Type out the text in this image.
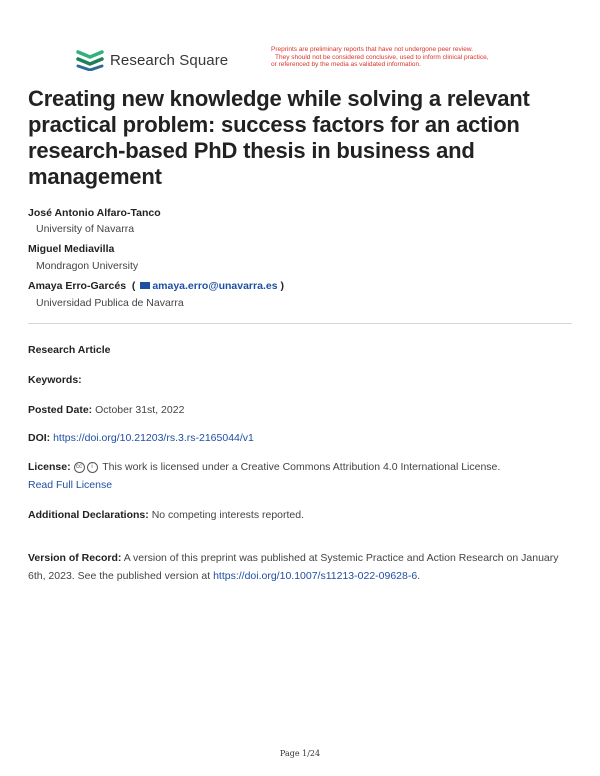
Research Square
Preprints are preliminary reports that have not undergone peer review.
They should not be considered conclusive, used to inform clinical practice,
or referenced by the media as validated information.
Creating new knowledge while solving a relevant practical problem: success factors for an action research-based PhD thesis in business and management
José Antonio Alfaro-Tanco
University of Navarra
Miguel Mediavilla
Mondragon University
Amaya Erro-Garcés  ( amaya.erro@unavarra.es )
Universidad Publica de Navarra
Research Article
Keywords:
Posted Date: October 31st, 2022
DOI: https://doi.org/10.21203/rs.3.rs-2165044/v1
License: cc i This work is licensed under a Creative Commons Attribution 4.0 International License.
Read Full License
Additional Declarations: No competing interests reported.
Version of Record: A version of this preprint was published at Systemic Practice and Action Research on January 6th, 2023. See the published version at https://doi.org/10.1007/s11213-022-09628-6.
Page 1/24
